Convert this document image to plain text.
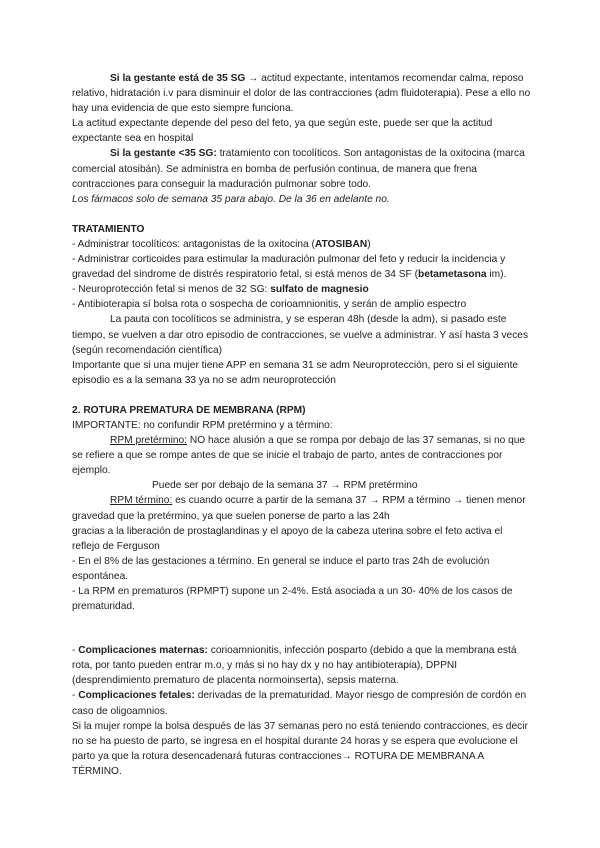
Si la gestante está de 35 SG → actitud expectante, intentamos recomendar calma, reposo relativo, hidratación i.v para disminuir el dolor de las contracciones (adm fluidoterapia). Pese a ello no hay una evidencia de que esto siempre funciona.

La actitud expectante depende del peso del feto, ya que según este, puede ser que la actitud expectante sea en hospital

Si la gestante <35 SG: tratamiento con tocolíticos. Son antagonistas de la oxitocina (marca comercial atosibán). Se administra en bomba de perfusión continua, de manera que frena contracciones para conseguir la maduración pulmonar sobre todo.

Los fármacos solo de semana 35 para abajo. De la 36 en adelante no.

TRATAMIENTO

- Administrar tocolíticos: antagonistas de la oxitocina (ATOSIBAN)

- Administrar corticoides para estimular la maduración pulmonar del feto y reducir la incidencia y gravedad del síndrome de distrés respiratorio fetal, si está menos de 34 SF (betametasona im).

- Neuroprotección fetal si menos de 32 SG: sulfato de magnesio

- Antibioterapia sí bolsa rota o sospecha de corioamnionitis, y serán de amplio espectro

La pauta con tocolíticos se administra, y se esperan 48h (desde la adm), si pasado este tiempo, se vuelven a dar otro episodio de contracciones, se vuelve a administrar. Y así hasta 3 veces (según recomendación científica)

Importante que si una mujer tiene APP en semana 31 se adm Neuroprotección, pero si el siguiente episodio es a la semana 33 ya no se adm neuroprotección

2. ROTURA PREMATURA DE MEMBRANA (RPM)

IMPORTANTE: no confundir RPM pretérmino y a término:

RPM pretérmino: NO hace alusión a que se rompa por debajo de las 37 semanas, si no que se refiere a que se rompe antes de que se inicie el trabajo de parto, antes de contracciones por ejemplo.

Puede ser por debajo de la semana 37 → RPM pretérmino

RPM término: es cuando ocurre a partir de la semana 37 → RPM a término → tienen menor gravedad que la pretérmino, ya que suelen ponerse de parto a las 24h

gracias a la liberación de prostaglandinas y el apoyo de la cabeza uterina sobre el feto activa el reflejo de Ferguson

- En el 8% de las gestaciones a término. En general se induce el parto tras 24h de evolución espontánea.

- La RPM en prematuros (RPMPT) supone un 2-4%. Está asociada a un 30- 40% de los casos de prematuridad.

- Complicaciones maternas: corioamnionitis, infección posparto (debido a que la membrana está rota, por tanto pueden entrar m.o, y más si no hay dx y no hay antibioterapia), DPPNI (desprendimiento prematuro de placenta normoinserta), sepsis materna.

- Complicaciones fetales: derivadas de la prematuridad. Mayor riesgo de compresión de cordón en caso de oligoamnios.

Si la mujer rompe la bolsa después de las 37 semanas pero no está teniendo contracciones, es decir no se ha puesto de parto, se ingresa en el hospital durante 24 horas y se espera que evolucione el parto ya que la rotura desencadenará futuras contracciones→ ROTURA DE MEMBRANA A TÉRMINO.
